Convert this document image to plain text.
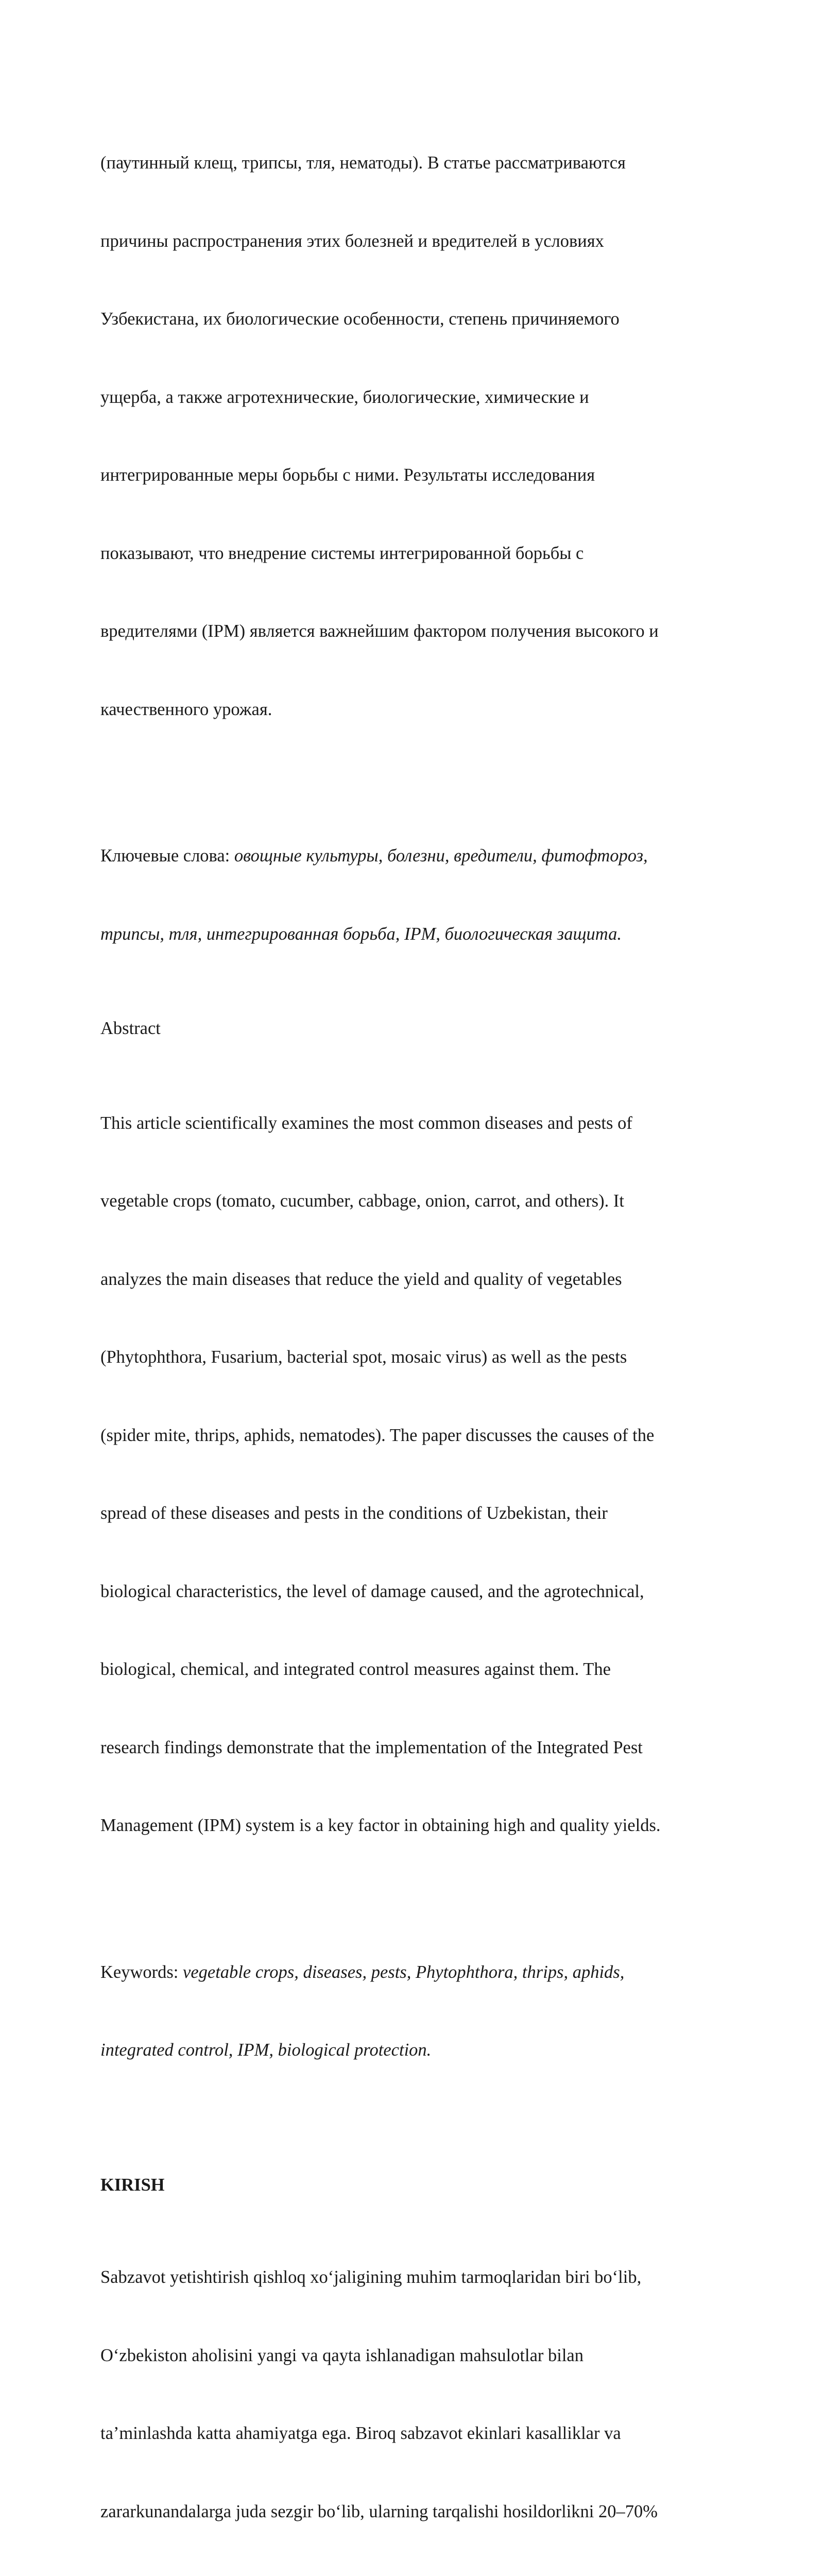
(паутинный клещ, трипсы, тля, нематоды). В статье рассматриваются

причины распространения этих болезней и вредителей в условиях

Узбекистана, их биологические особенности, степень причиняемого

ущерба, а также агротехнические, биологические, химические и

интегрированные меры борьбы с ними. Результаты исследования

показывают, что внедрение системы интегрированной борьбы с

вредителями (IPM) является важнейшим фактором получения высокого и

качественного урожая.

Ключевые слова: овощные культуры, болезни, вредители, фитофтороз,

трипсы, тля, интегрированная борьба, IPM, биологическая защита.

Abstract

This article scientifically examines the most common diseases and pests of

vegetable crops (tomato, cucumber, cabbage, onion, carrot, and others). It

analyzes the main diseases that reduce the yield and quality of vegetables

(Phytophthora, Fusarium, bacterial spot, mosaic virus) as well as the pests

(spider mite, thrips, aphids, nematodes). The paper discusses the causes of the

spread of these diseases and pests in the conditions of Uzbekistan, their

biological characteristics, the level of damage caused, and the agrotechnical,

biological, chemical, and integrated control measures against them. The

research findings demonstrate that the implementation of the Integrated Pest

Management (IPM) system is a key factor in obtaining high and quality yields.

Keywords: vegetable crops, diseases, pests, Phytophthora, thrips, aphids,

integrated control, IPM, biological protection.

KIRISH

Sabzavot yetishtirish qishloq xo‘jaligining muhim tarmoqlaridan biri bo‘lib,

O‘zbekiston aholisini yangi va qayta ishlanadigan mahsulotlar bilan

ta’minlashda katta ahamiyatga ega. Biroq sabzavot ekinlari kasalliklar va

zararkunandalarga juda sezgir bo‘lib, ularning tarqalishi hosildorlikni 20–70%
